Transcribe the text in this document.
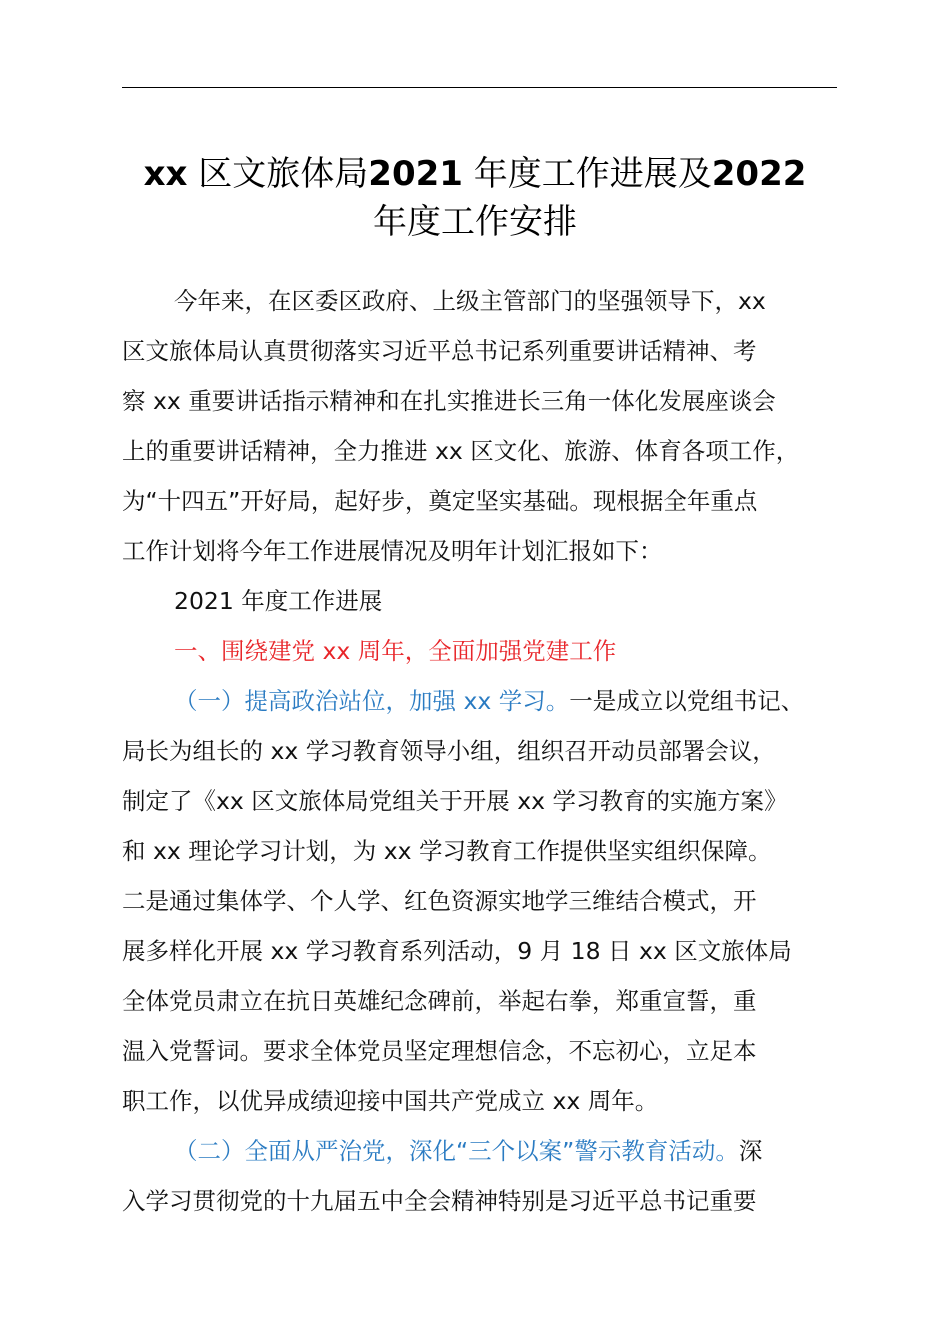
xx 区文旅体局2021 年度工作进展及2022
年度工作安排
今年来，在区委区政府、上级主管部门的坚强领导下，xx
区文旅体局认真贯彻落实习近平总书记系列重要讲话精神、考
察 xx 重要讲话指示精神和在扎实推进长三角一体化发展座谈会
上的重要讲话精神，全力推进 xx 区文化、旅游、体育各项工作，
为“十四五”开好局，起好步，奠定坚实基础。现根据全年重点
工作计划将今年工作进展情况及明年计划汇报如下：
2021 年度工作进展
一、围绕建党 xx 周年，全面加强党建工作
（一）提高政治站位，加强 xx 学习。一是成立以党组书记、
局长为组长的 xx 学习教育领导小组，组织召开动员部署会议，
制定了《xx 区文旅体局党组关于开展 xx 学习教育的实施方案》
和 xx 理论学习计划，为 xx 学习教育工作提供坚实组织保障。
二是通过集体学、个人学、红色资源实地学三维结合模式，开
展多样化开展 xx 学习教育系列活动，9 月 18 日 xx 区文旅体局
全体党员肃立在抗日英雄纪念碑前，举起右拳，郑重宣誓，重
温入党誓词。要求全体党员坚定理想信念，不忘初心，立足本
职工作，以优异成绩迎接中国共产党成立 xx 周年。
（二）全面从严治党，深化“三个以案”警示教育活动。深
入学习贯彻党的十九届五中全会精神特别是习近平总书记重要
